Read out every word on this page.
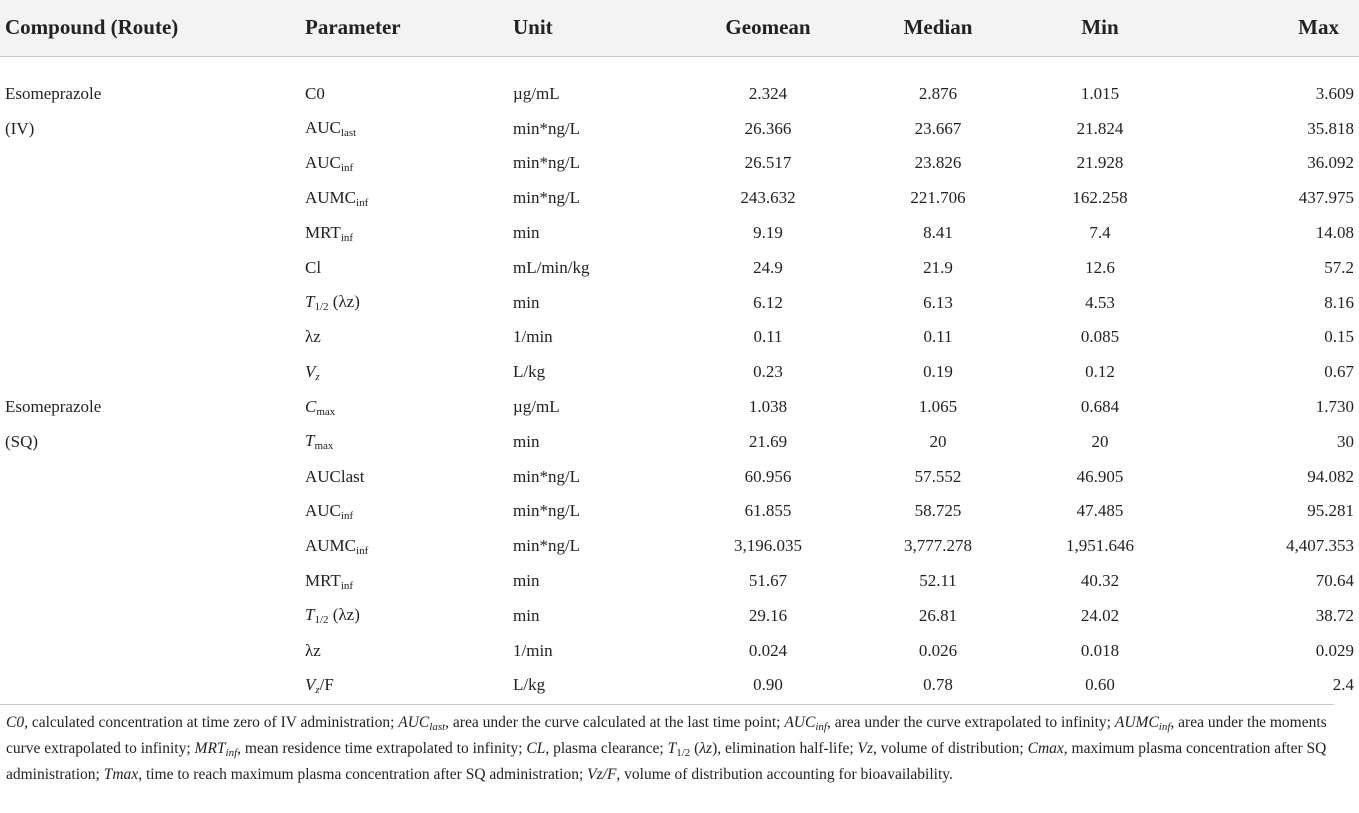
Compound (Route)	Parameter	Unit	Geomean	Median	Min	Max
Esomeprazole	C0	µg/mL	2.324	2.876	1.015	3.609
(IV)	$AUC_{last}$	min*ng/L	26.366	23.667	21.824	35.818
	$AUC_{inf}$	min*ng/L	26.517	23.826	21.928	36.092
	$AUMC_{inf}$	min*ng/L	243.632	221.706	162.258	437.975
	$MRT_{inf}$	min	9.19	8.41	7.4	14.08
	Cl	mL/min/kg	24.9	21.9	12.6	57.2
	$T_{1/2}$ (λz)	min	6.12	6.13	4.53	8.16
	λz	1/min	0.11	0.11	0.085	0.15
	$V_z$	L/kg	0.23	0.19	0.12	0.67
Esomeprazole	$C_{max}$	µg/mL	1.038	1.065	0.684	1.730
(SQ)	$T_{max}$	min	21.69	20	20	30
	AUClast	min*ng/L	60.956	57.552	46.905	94.082
	$AUC_{inf}$	min*ng/L	61.855	58.725	47.485	95.281
	$AUMC_{inf}$	min*ng/L	3,196.035	3,777.278	1,951.646	4,407.353
	$MRT_{inf}$	min	51.67	52.11	40.32	70.64
	$T_{1/2}$ (λz)	min	29.16	26.81	24.02	38.72
	λz	1/min	0.024	0.026	0.018	0.029
	$V_z/F$	L/kg	0.90	0.78	0.60	2.4
C0, calculated concentration at time zero of IV administration; $AUC_{last}$, area under the curve calculated at the last time point; $AUC_{inf}$, area under the curve extrapolated to infinity; $AUMC_{inf}$, area under the moments curve extrapolated to infinity; $MRT_{inf}$, mean residence time extrapolated to infinity; CL, plasma clearance; $T_{1/2}$ (λz), elimination half-life; Vz, volume of distribution; Cmax, maximum plasma concentration after SQ administration; Tmax, time to reach maximum plasma concentration after SQ administration; Vz/F, volume of distribution accounting for bioavailability.
